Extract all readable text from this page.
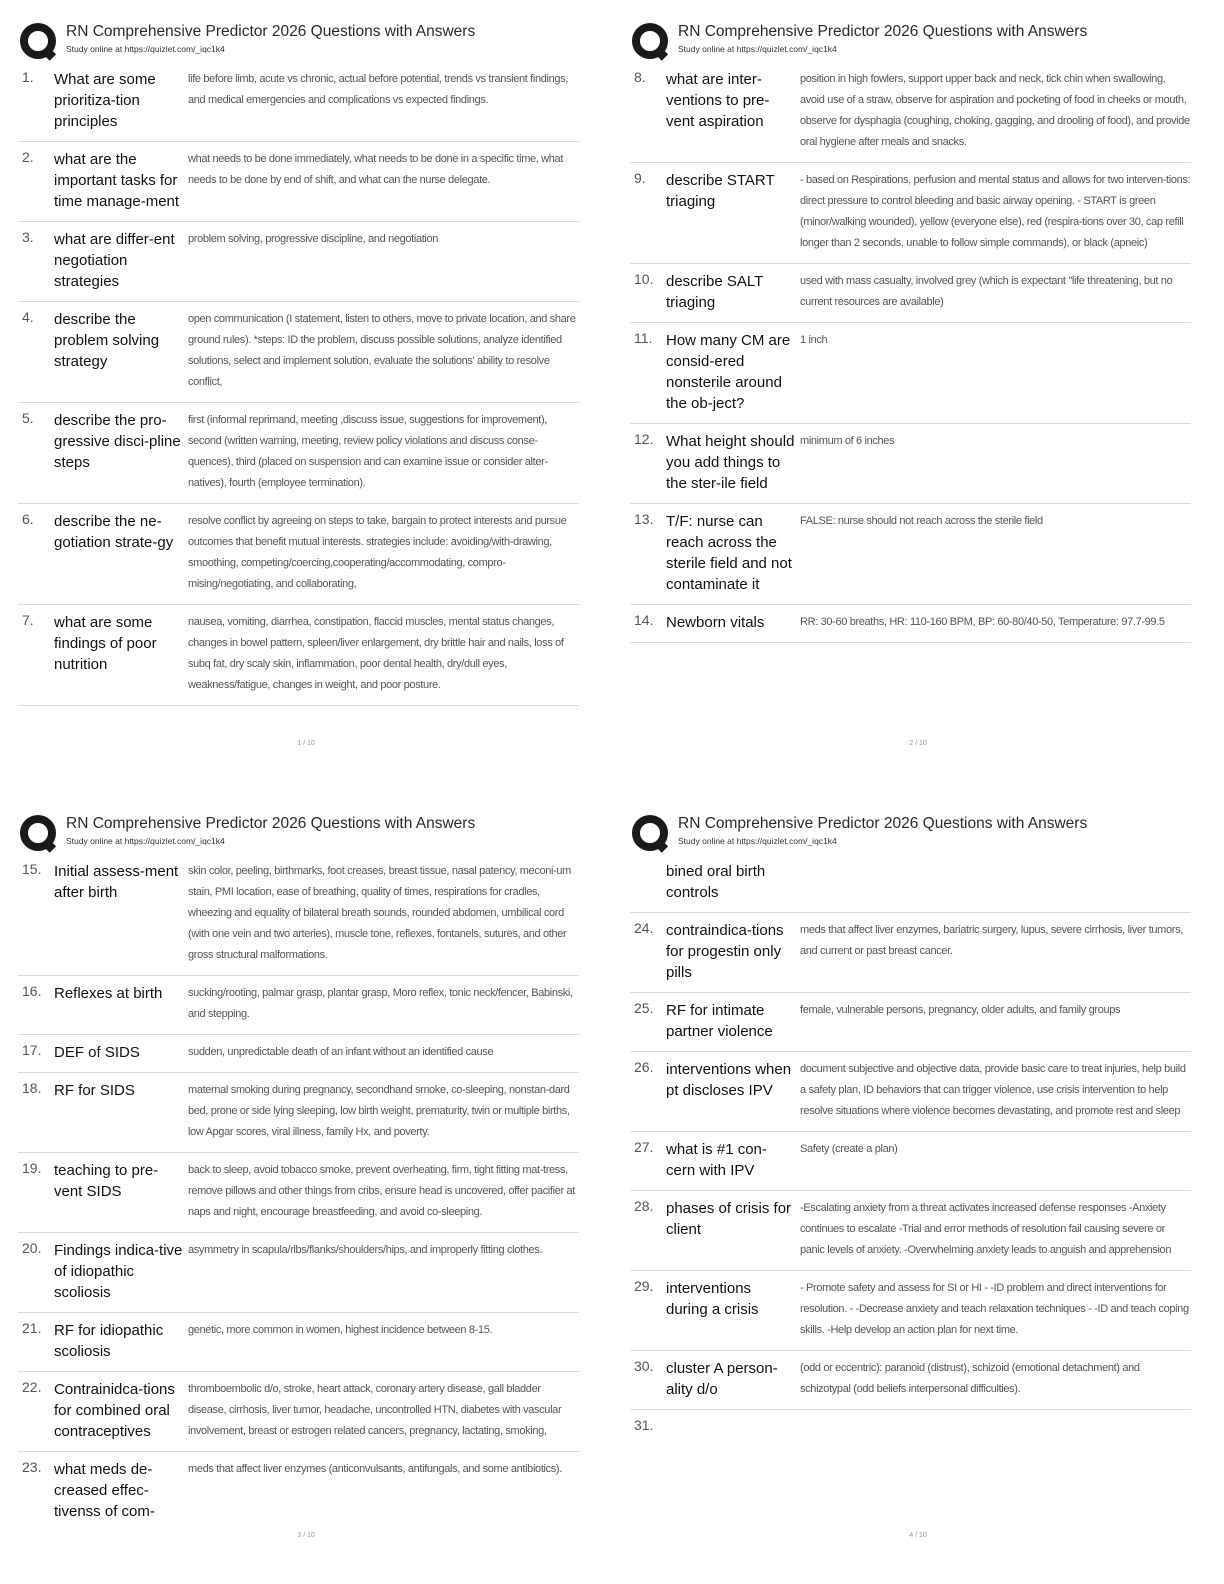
RN Comprehensive Predictor 2026 Questions with Answers
Study online at https://quizlet.com/_iqc1k4
1.	What are some prioritiza-tion principles
life before limb, acute vs chronic, actual before potential, trends vs transient findings, and medical emergencies and complications vs expected findings.
2.	what are the important tasks for time manage-ment
what needs to be done immediately, what needs to be done in a specific time, what needs to be done by end of shift, and what can the nurse delegate.
3.	what are differ-ent negotiation strategies
problem solving, progressive discipline, and negotiation
4.	describe the problem solving strategy
open communication (I statement, listen to others, move to private location, and share ground rules). *steps: ID the problem, discuss possible solutions, analyze identified solutions, select and implement solution, evaluate the solutions' ability to resolve conflict,
5.	describe the pro-gressive disci-pline steps
first (informal reprimand, meeting ,discuss issue, suggestions for improvement), second (written warning, meeting, review policy violations and discuss conse-quences), third (placed on suspension and can examine issue or consider alter-natives), fourth (employee termination).
6.	describe the ne-gotiation strate-gy
resolve conflict by agreeing on steps to take, bargain to protect interests and pursue outcomes that benefit mutual interests. strategies include: avoiding/with-drawing, smoothing, competing/coercing,cooperating/accommodating, compro-mising/negotiating, and collaborating,
7.	what are some findings of poor nutrition
nausea, vomiting, diarrhea, constipation, flaccid muscles, mental status changes, changes in bowel pattern, spleen/liver enlargement, dry brittle hair and nails, loss of subq fat, dry scaly skin, inflammation, poor dental health, dry/dull eyes, weakness/fatigue, changes in weight, and poor posture.
1 / 10
RN Comprehensive Predictor 2026 Questions with Answers
Study online at https://quizlet.com/_iqc1k4
8.	what are inter-ventions to pre-vent aspiration
position in high fowlers, support upper back and neck, tick chin when swallowing, avoid use of a straw, observe for aspiration and pocketing of food in cheeks or mouth, observe for dysphagia (coughing, choking, gagging, and drooling of food), and provide oral hygiene after meals and snacks.
9.	describe START triaging
- based on Respirations, perfusion and mental status and allows for two interven-tions: direct pressure to control bleeding and basic airway opening. - START is green (minor/walking wounded), yellow (everyone else), red (respira-tions over 30, cap refill longer than 2 seconds, unable to follow simple commands), or black (apneic)
10. describe SALT triaging
used with mass casualty, involved grey (which is expectant "life threatening, but no current resources are available)
11. How many CM are consid-ered nonsterile around the ob-ject?
1 inch
12. What height should you add things to the ster-ile field
minimum of 6 inches
13. T/F: nurse can reach across the sterile field and not contaminate it
FALSE: nurse should not reach across the sterile field
14. Newborn vitals	RR: 30-60 breaths, HR: 110-160 BPM, BP: 60-80/40-50, Temperature: 97.7-99.5
2 / 10
RN Comprehensive Predictor 2026 Questions with Answers
Study online at https://quizlet.com/_iqc1k4
15. Initial assess-ment after birth
skin color, peeling, birthmarks, foot creases, breast tissue, nasal patency, meconi-um stain, PMI location, ease of breathing, quality of times, respirations for cradles, wheezing and equality of bilateral breath sounds, rounded abdomen, umbilical cord (with one vein and two arteries), muscle tone, reflexes, fontanels, sutures, and other gross structural malformations.
16. Reflexes at birth	sucking/rooting, palmar grasp, plantar grasp, Moro reflex, tonic neck/fencer, Babinski, and stepping.
17. DEF of SIDS	sudden, unpredictable death of an infant without an identified cause
18. RF for SIDS	maternal smoking during pregnancy, secondhand smoke, co-sleeping, nonstan-dard bed, prone or side lying sleeping, low birth weight, prematurity, twin or multiple births, low Apgar scores, viral illness, family Hx, and poverty.
19. teaching to pre-vent SIDS
back to sleep, avoid tobacco smoke, prevent overheating, firm, tight fitting mat-tress, remove pillows and other things from cribs, ensure head is uncovered, offer pacifier at naps and night, encourage breastfeeding, and avoid co-sleeping.
20. Findings indica-tive of idiopathic scoliosis
asymmetry in scapula/ribs/flanks/shoulders/hips, and improperly fitting clothes.
21. RF for idiopathic scoliosis
genetic, more common in women, highest incidence between 8-15.
22. Contrainidca-tions for combined oral contraceptives
thromboembolic d/o, stroke, heart attack, coronary artery disease, gall bladder disease, cirrhosis, liver tumor, headache, uncontrolled HTN, diabetes with vascular involvement, breast or estrogen related cancers, pregnancy, lactating, smoking,
23. what meds de-creased effec-tivenss of com-
meds that affect liver enzymes (anticonvulsants, antifungals, and some antibiotics).
3 / 10
RN Comprehensive Predictor 2026 Questions with Answers
Study online at https://quizlet.com/_iqc1k4
bined oral birth controls
24. contraindica-tions for progestin only pills
meds that affect liver enzymes, bariatric surgery, lupus, severe cirrhosis, liver tumors, and current or past breast cancer.
25. RF for intimate partner violence
female, vulnerable persons, pregnancy, older adults, and family groups
26. interventions when pt discloses IPV
document subjective and objective data, provide basic care to treat injuries, help build a safety plan, ID behaviors that can trigger violence, use crisis intervention to help resolve situations where violence becomes devastating, and promote rest and sleep
27. what is #1 con-cern with IPV
Safety (create a plan)
28. phases of crisis for client
-Escalating anxiety from a threat activates increased defense responses -Anxiety continues to escalate -Trial and error methods of resolution fail causing severe or panic levels of anxiety. -Overwhelming anxiety leads to anguish and apprehension
29. interventions during a crisis
- Promote safety and assess for SI or HI - -ID problem and direct interventions for resolution. - -Decrease anxiety and teach relaxation techniques - -ID and teach coping skills. -Help develop an action plan for next time.
30. cluster A person-ality d/o
(odd or eccentric): paranoid (distrust), schizoid (emotional detachment) and schizotypal (odd beliefs interpersonal difficulties).
31.
4 / 10
